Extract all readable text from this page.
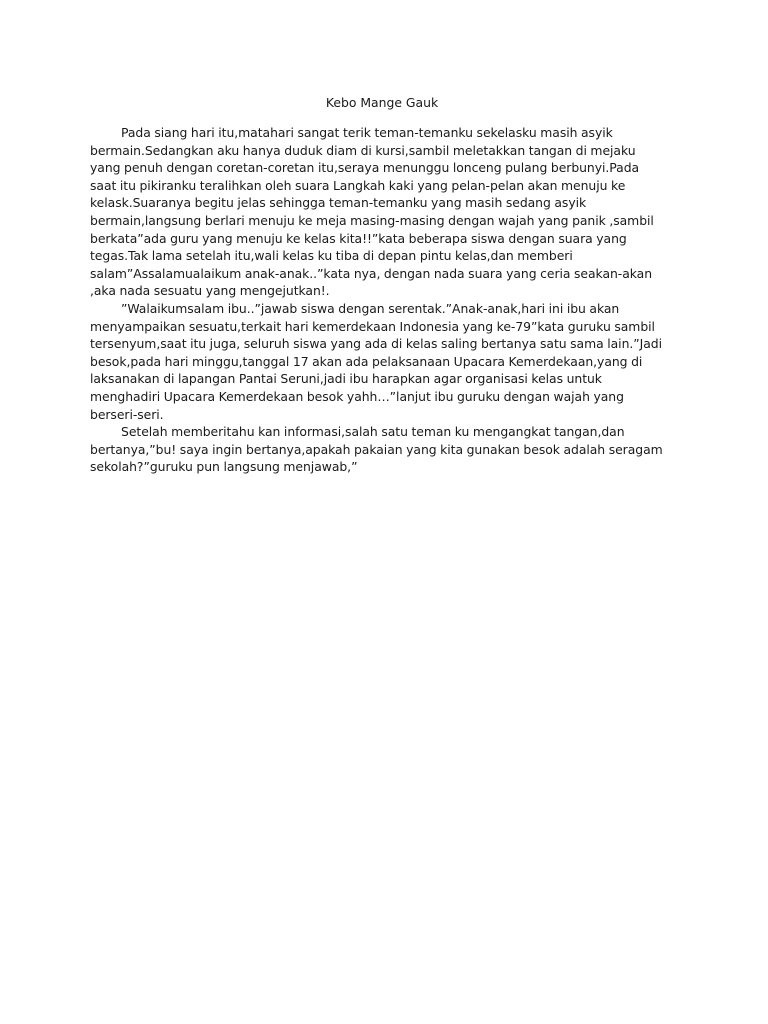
Kebo Mange Gauk

Pada siang hari itu,matahari sangat terik teman-temanku sekelasku masih asyik bermain.Sedangkan aku hanya duduk diam di kursi,sambil meletakkan tangan di mejaku yang penuh dengan coretan-coretan itu,seraya menunggu lonceng pulang berbunyi.Pada saat itu pikiranku teralihkan oleh suara Langkah kaki yang pelan-pelan akan menuju ke kelask.Suaranya begitu jelas sehingga teman-temanku yang masih sedang asyik bermain,langsung berlari menuju ke meja masing-masing dengan wajah yang panik ,sambil berkata”ada guru yang menuju ke kelas kita!!”kata beberapa siswa dengan suara yang tegas.Tak lama setelah itu,wali kelas ku tiba di depan pintu kelas,dan memberi salam”Assalamualaikum anak-anak..”kata nya, dengan nada suara yang ceria seakan-akan ,aka nada sesuatu yang mengejutkan!.

”Walaikumsalam ibu..”jawab siswa dengan serentak.”Anak-anak,hari ini ibu akan menyampaikan sesuatu,terkait hari kemerdekaan Indonesia yang ke-79”kata guruku sambil tersenyum,saat itu juga, seluruh siswa yang ada di kelas saling bertanya satu sama lain.”Jadi besok,pada hari minggu,tanggal 17 akan ada pelaksanaan Upacara Kemerdekaan,yang di laksanakan di lapangan Pantai Seruni,jadi ibu harapkan agar organisasi kelas untuk menghadiri Upacara Kemerdekaan besok yahh…”lanjut ibu guruku dengan wajah yang berseri-seri.

Setelah memberitahu kan informasi,salah satu teman ku mengangkat tangan,dan bertanya,”bu! saya ingin bertanya,apakah pakaian yang kita gunakan besok adalah seragam sekolah?”guruku pun langsung menjawab,”
